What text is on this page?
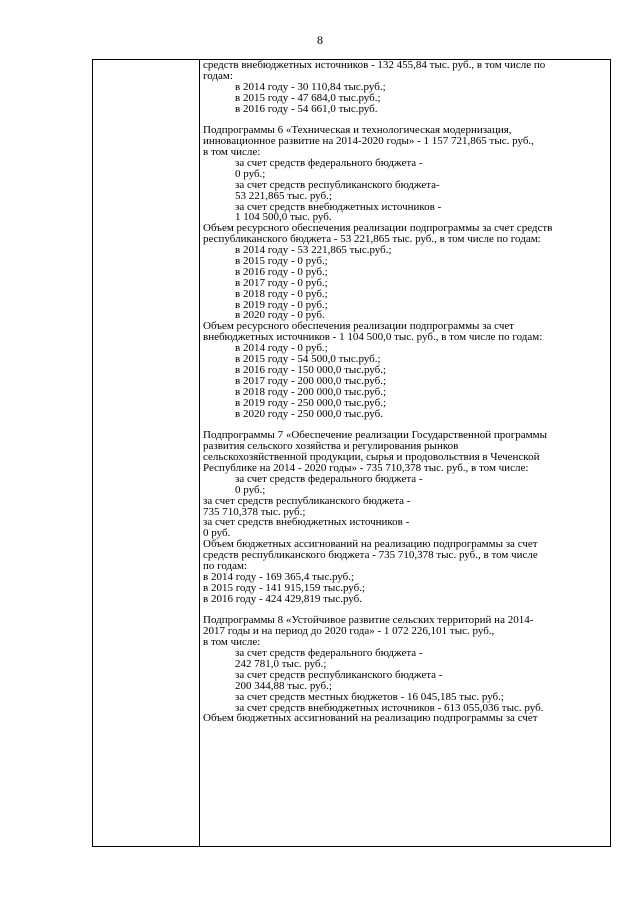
8
средств внебюджетных источников - 132 455,84 тыс. руб., в том числе по
годам:
в 2014 году - 30 110,84 тыс.руб.;
в 2015 году - 47 684,0 тыс.руб.;
в 2016 году - 54 661,0 тыс.руб.
Подпрограммы 6 «Техническая и технологическая модернизация,
инновационное развитие на 2014-2020 годы» - 1 157 721,865 тыс. руб.,
в том числе:
за счет средств федерального бюджета -
0 руб.;
за счет средств республиканского бюджета-
53 221,865 тыс. руб.;
за счет средств внебюджетных источников -
1 104 500,0 тыс. руб.
Объем ресурсного обеспечения реализации подпрограммы за счет средств
республиканского бюджета - 53 221,865 тыс. руб., в том числе по годам:
в 2014 году - 53 221,865 тыс.руб.;
в 2015 году - 0 руб.;
в 2016 году - 0 руб.;
в 2017 году - 0 руб.;
в 2018 году - 0 руб.;
в 2019 году - 0 руб.;
в 2020 году - 0 руб.
Объем ресурсного обеспечения реализации подпрограммы за счет
внебюджетных источников - 1 104 500,0 тыс. руб., в том числе по годам:
в 2014 году - 0 руб.;
в 2015 году - 54 500,0 тыс.руб.;
в 2016 году - 150 000,0 тыс.руб.;
в 2017 году - 200 000,0 тыс.руб.;
в 2018 году - 200 000,0 тыс.руб.;
в 2019 году - 250 000,0 тыс.руб.;
в 2020 году - 250 000,0 тыс.руб.
Подпрограммы 7 «Обеспечение реализации Государственной программы
развития сельского хозяйства и регулирования рынков
сельскохозяйственной продукции, сырья и продовольствия в Чеченской
Республике на 2014 - 2020 годы» - 735 710,378 тыс. руб., в том числе:
за счет средств федерального бюджета -
0 руб.;
за счет средств республиканского бюджета -
735 710,378 тыс. руб.;
за счет средств внебюджетных источников -
0 руб.
Объем бюджетных ассигнований на реализацию подпрограммы за счет
средств республиканского бюджета - 735 710,378 тыс. руб., в том числе
по годам:
в 2014 году - 169 365,4 тыс.руб.;
в 2015 году - 141 915,159 тыс.руб.;
в 2016 году - 424 429,819 тыс.руб.
Подпрограммы 8 «Устойчивое развитие сельских территорий на 2014-
2017 годы и на период до 2020 года» - 1 072 226,101 тыс. руб.,
в том числе:
за счет средств федерального бюджета -
242 781,0 тыс. руб.;
за счет средств республиканского бюджета -
200 344,88 тыс. руб.;
за счет средств местных бюджетов - 16 045,185 тыс. руб.;
за счет средств внебюджетных источников - 613 055,036 тыс. руб.
Объем бюджетных ассигнований на реализацию подпрограммы за счет
